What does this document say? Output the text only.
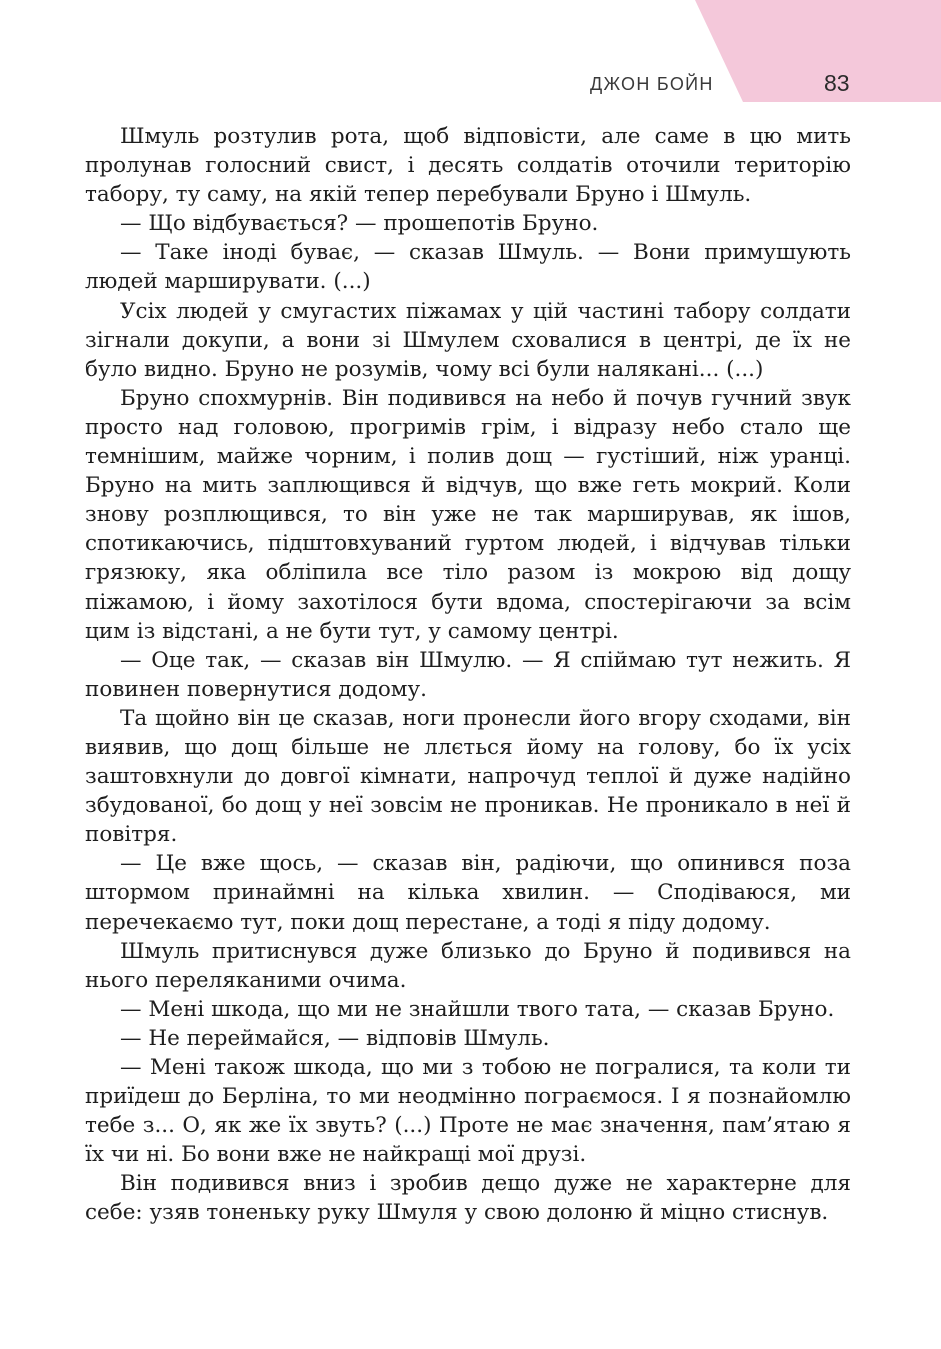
ДЖОН БОЙН	83

Шмуль розтулив рота, щоб відповісти, але саме в цю мить пролунав голосний свист, і десять солдатів оточили територію табору, ту саму, на якій тепер перебували Бруно і Шмуль.

— Що відбувається? — прошепотів Бруно.

— Таке іноді буває, — сказав Шмуль. — Вони примушують людей марширувати. (...)

Усіх людей у смугастих піжамах у цій частині табору солдати зігнали докупи, а вони зі Шмулем сховалися в центрі, де їх не було видно. Бруно не розумів, чому всі були налякані... (...)

Бруно спохмурнів. Він подивився на небо й почув гучний звук просто над головою, прогримів грім, і відразу небо стало ще темнішим, майже чорним, і полив дощ — густіший, ніж уранці. Бруно на мить заплющився й відчув, що вже геть мокрий. Коли знову розплющився, то він уже не так марширував, як ішов, спотикаючись, підштовхуваний гуртом людей, і відчував тільки грязюку, яка обліпила все тіло разом із мокрою від дощу піжамою, і йому захотілося бути вдома, спостерігаючи за всім цим із відстані, а не бути тут, у самому центрі.

— Оце так, — сказав він Шмулю. — Я спіймаю тут нежить. Я повинен повернутися додому.

Та щойно він це сказав, ноги пронесли його вгору сходами, він виявив, що дощ більше не ллється йому на голову, бо їх усіх заштовхнули до довгої кімнати, напрочуд теплої й дуже надійно збудованої, бо дощ у неї зовсім не проникав. Не проникало в неї й повітря.

— Це вже щось, — сказав він, радіючи, що опинився поза штормом принаймні на кілька хвилин. — Сподіваюся, ми перечекаємо тут, поки дощ перестане, а тоді я піду додому.

Шмуль притиснувся дуже близько до Бруно й подивився на нього переляканими очима.

— Мені шкода, що ми не знайшли твого тата, — сказав Бруно.

— Не переймайся, — відповів Шмуль.

— Мені також шкода, що ми з тобою не погралися, та коли ти приїдеш до Берліна, то ми неодмінно пограємося. І я познайомлю тебе з... О, як же їх звуть? (...) Проте не має значення, пам’ятаю я їх чи ні. Бо вони вже не найкращі мої друзі.

Він подивився вниз і зробив дещо дуже не характерне для себе: узяв тоненьку руку Шмуля у свою долоню й міцно стиснув.
